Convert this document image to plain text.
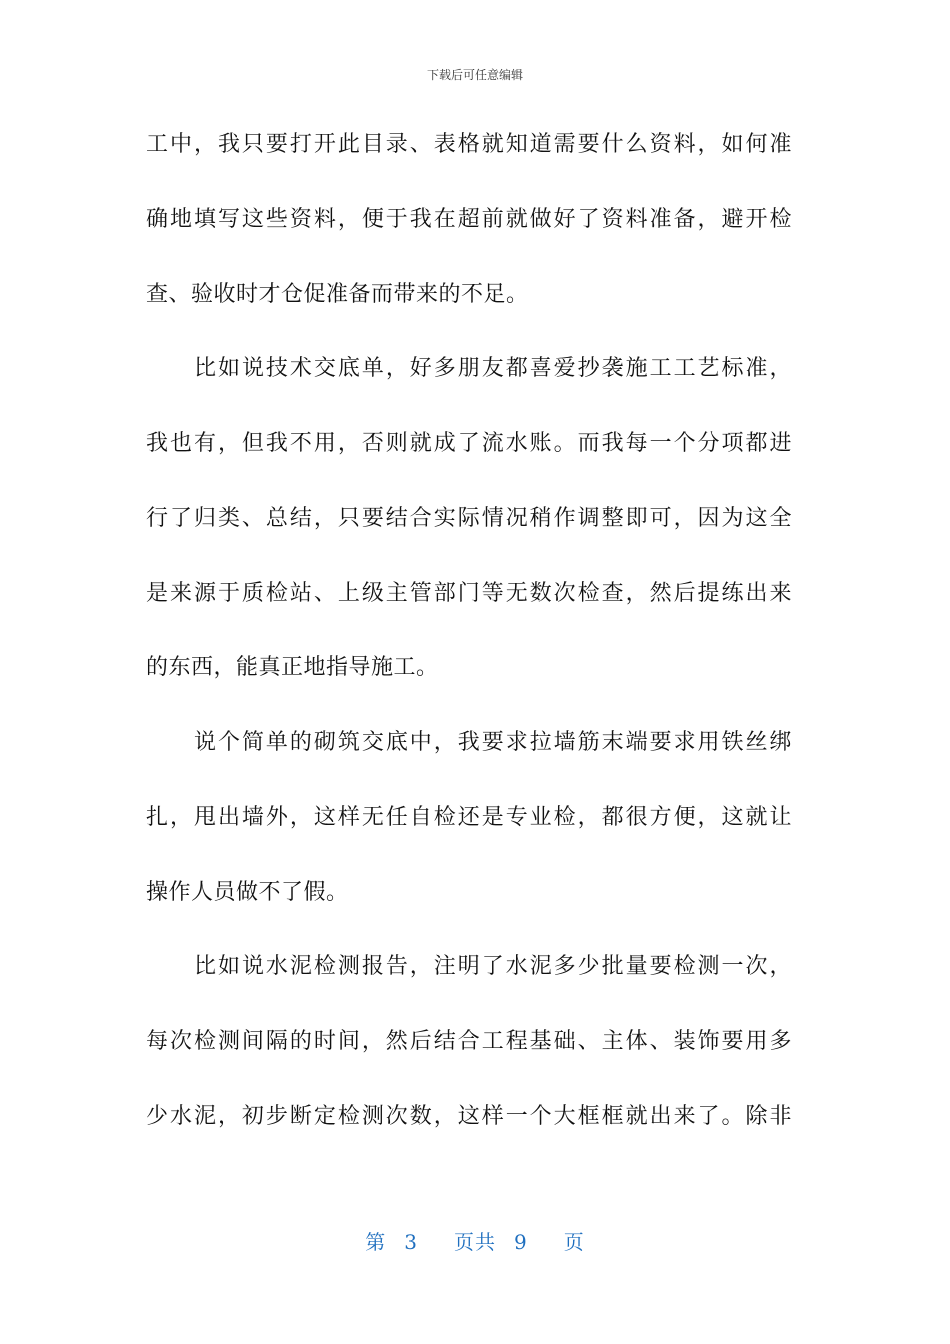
下载后可任意编辑
工中，我只要打开此目录、表格就知道需要什么资料，如何准
确地填写这些资料，便于我在超前就做好了资料准备，避开检
查、验收时才仓促准备而带来的不足。
比如说技术交底单，好多朋友都喜爱抄袭施工工艺标准，
我也有，但我不用，否则就成了流水账。而我每一个分项都进
行了归类、总结，只要结合实际情况稍作调整即可，因为这全
是来源于质检站、上级主管部门等无数次检查，然后提练出来
的东西，能真正地指导施工。
说个简单的砌筑交底中，我要求拉墙筋末端要求用铁丝绑
扎，甩出墙外，这样无任自检还是专业检，都很方便，这就让
操作人员做不了假。
比如说水泥检测报告，注明了水泥多少批量要检测一次，
每次检测间隔的时间，然后结合工程基础、主体、装饰要用多
少水泥，初步断定检测次数，这样一个大框框就出来了。除非
第 3 页共 9 页
